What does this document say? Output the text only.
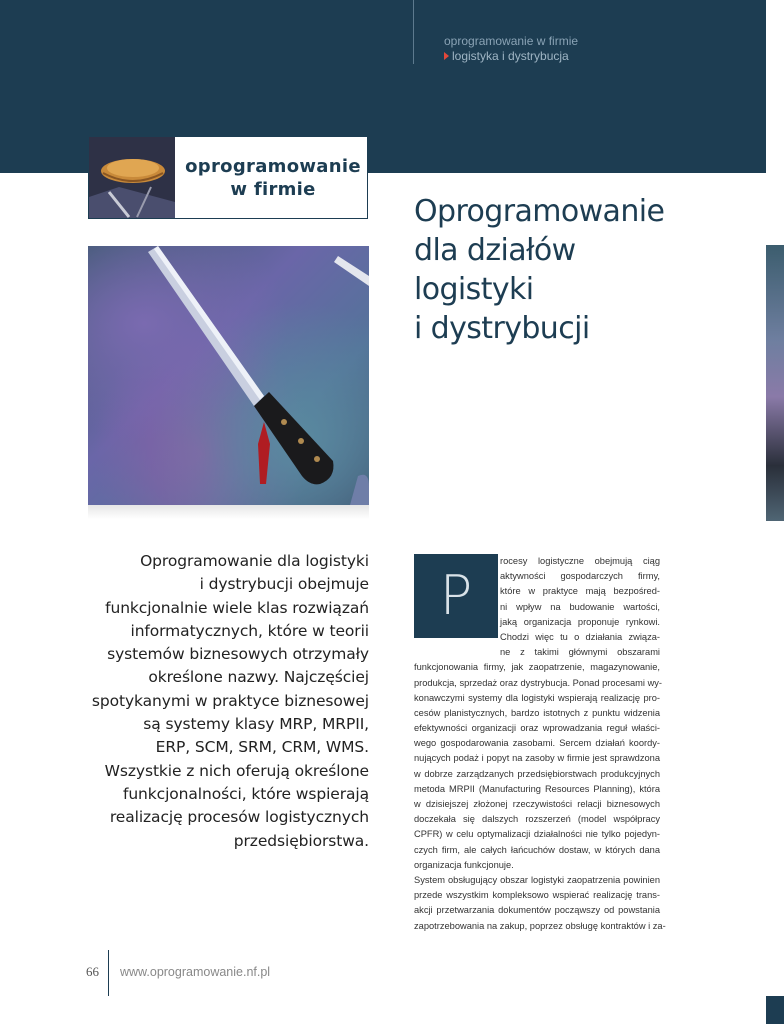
oprogramowanie w firmie
logistyka i dystrybucja
oprogramowanie
w firmie
Oprogramowanie
dla działów
logistyki
i dystrybucji
Oprogramowanie dla logistyki
i dystrybucji obejmuje
funkcjonalnie wiele klas rozwiązań
informatycznych, które w teorii
systemów biznesowych otrzymały
określone nazwy. Najczęściej
spotykanymi w praktyce biznesowej
są systemy klasy MRP, MRPII,
ERP, SCM, SRM, CRM, WMS.
Wszystkie z nich oferują określone
funkcjonalności, które wspierają
realizację procesów logistycznych
przedsiębiorstwa.
P
rocesy logistyczne obejmują ciąg
aktywności gospodarczych firmy,
które w praktyce mają bezpośred-
ni wpływ na budowanie wartości,
jaką organizacja proponuje rynkowi.
Chodzi więc tu o działania związa-
ne z takimi głównymi obszarami
funkcjonowania firmy, jak zaopatrzenie, magazynowanie,
produkcja, sprzedaż oraz dystrybucja. Ponad procesami wy-
konawczymi systemy dla logistyki wspierają realizację pro-
cesów planistycznych, bardzo istotnych z punktu widzenia
efektywności organizacji oraz wprowadzania reguł właści-
wego gospodarowania zasobami. Sercem działań koordy-
nujących podaż i popyt na zasoby w firmie jest sprawdzona
w dobrze zarządzanych przedsiębiorstwach produkcyjnych
metoda MRPII (Manufacturing Resources Planning), która
w dzisiejszej złożonej rzeczywistości relacji biznesowych
doczekała się dalszych rozszerzeń (model współpracy
CPFR) w celu optymalizacji działalności nie tylko pojedyn-
czych firm, ale całych łańcuchów dostaw, w których dana
organizacja funkcjonuje.
System obsługujący obszar logistyki zaopatrzenia powinien
przede wszystkim kompleksowo wspierać realizację trans-
akcji przetwarzania dokumentów począwszy od powstania
zapotrzebowania na zakup, poprzez obsługę kontraktów i za-
66 www.oprogramowanie.nf.pl
